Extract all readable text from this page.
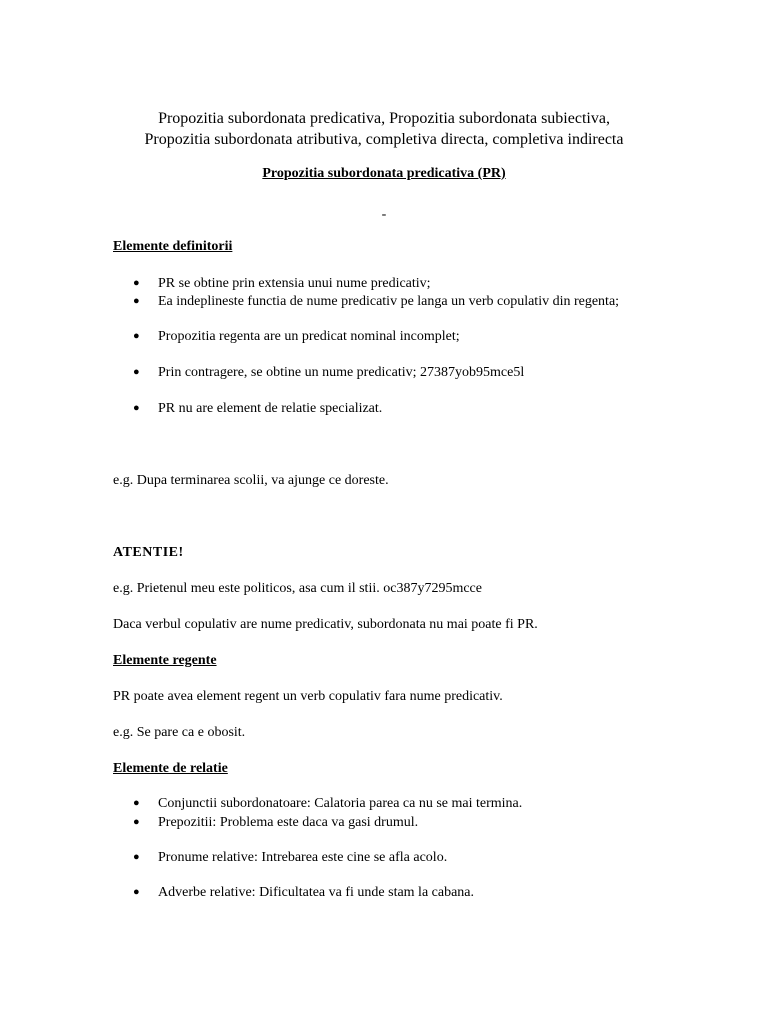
Propozitia subordonata predicativa, Propozitia subordonata subiectiva,
Propozitia subordonata atributiva, completiva directa, completiva indirecta
Propozitia subordonata predicativa (PR)
-
Elemente definitorii
● PR se obtine prin extensia unui nume predicativ;
● Ea indeplineste functia de nume predicativ pe langa un verb copulativ din regenta;
● Propozitia regenta are un predicat nominal incomplet;
● Prin contragere, se obtine un nume predicativ; 27387yob95mce5l
● PR nu are element de relatie specializat.
e.g. Dupa terminarea scolii, va ajunge ce doreste.
ATENTIE!
e.g. Prietenul meu este politicos, asa cum il stii. oc387y7295mcce
Daca verbul copulativ are nume predicativ, subordonata nu mai poate fi PR.
Elemente regente
PR poate avea element regent un verb copulativ fara nume predicativ.
e.g. Se pare ca e obosit.
Elemente de relatie
● Conjunctii subordonatoare: Calatoria parea ca nu se mai termina.
● Prepozitii: Problema este daca va gasi drumul.
● Pronume relative: Intrebarea este cine se afla acolo.
● Adverbe relative: Dificultatea va fi unde stam la cabana.
